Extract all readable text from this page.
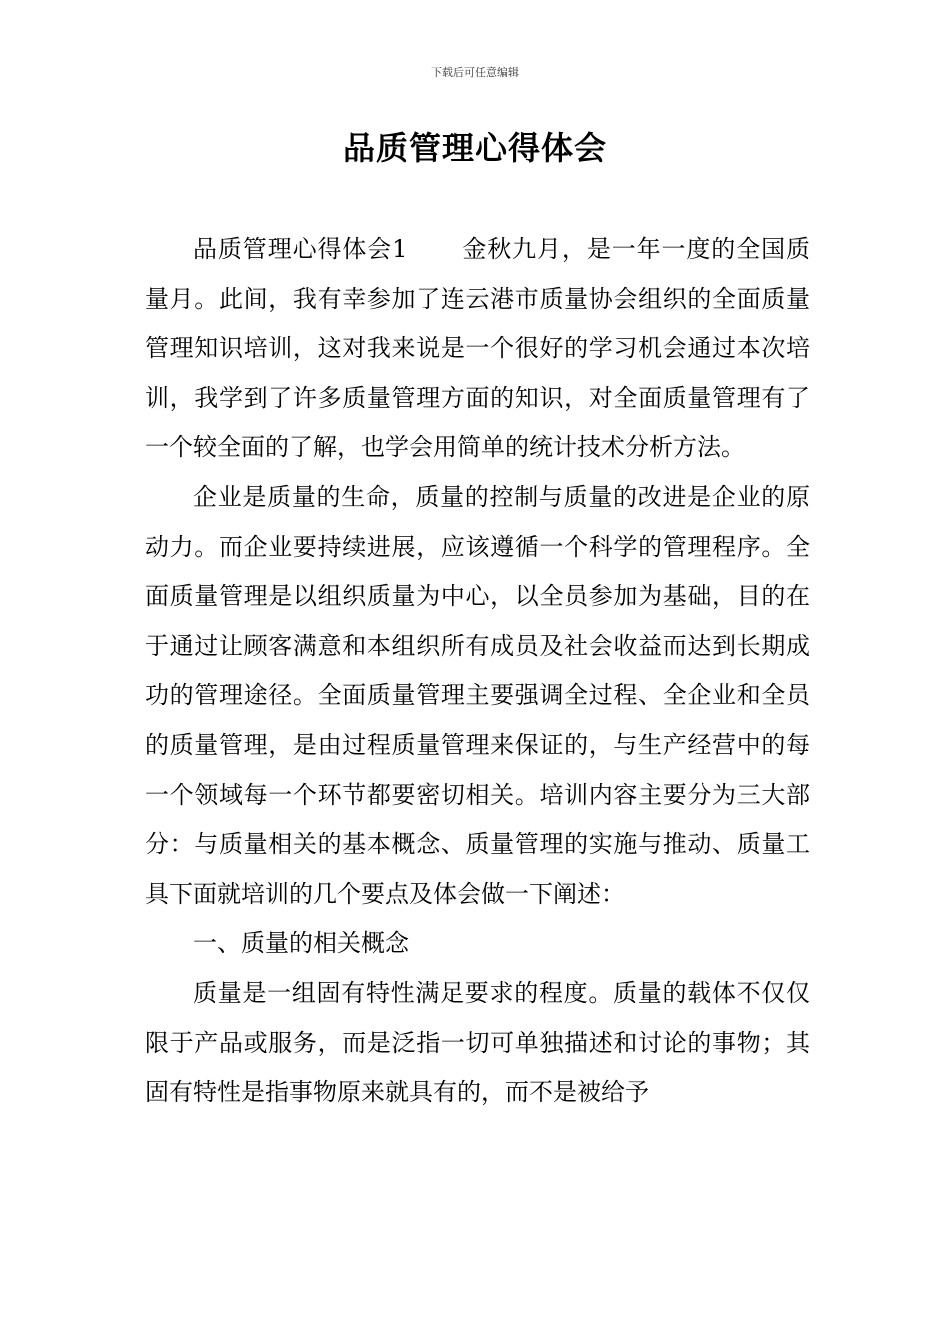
下载后可任意编辑
品质管理心得体会

品质管理心得体会1 金秋九月，是一年一度的全国质量月。此间，我有幸参加了连云港市质量协会组织的全面质量管理知识培训，这对我来说是一个很好的学习机会通过本次培训，我学到了许多质量管理方面的知识，对全面质量管理有了一个较全面的了解，也学会用简单的统计技术分析方法。

企业是质量的生命，质量的控制与质量的改进是企业的原动力。而企业要持续进展，应该遵循一个科学的管理程序。全面质量管理是以组织质量为中心，以全员参加为基础，目的在于通过让顾客满意和本组织所有成员及社会收益而达到长期成功的管理途径。全面质量管理主要强调全过程、全企业和全员的质量管理，是由过程质量管理来保证的，与生产经营中的每一个领域每一个环节都要密切相关。培训内容主要分为三大部分：与质量相关的基本概念、质量管理的实施与推动、质量工具下面就培训的几个要点及体会做一下阐述：

一、质量的相关概念

质量是一组固有特性满足要求的程度。质量的载体不仅仅限于产品或服务，而是泛指一切可单独描述和讨论的事物；其固有特性是指事物原来就具有的，而不是被给予
